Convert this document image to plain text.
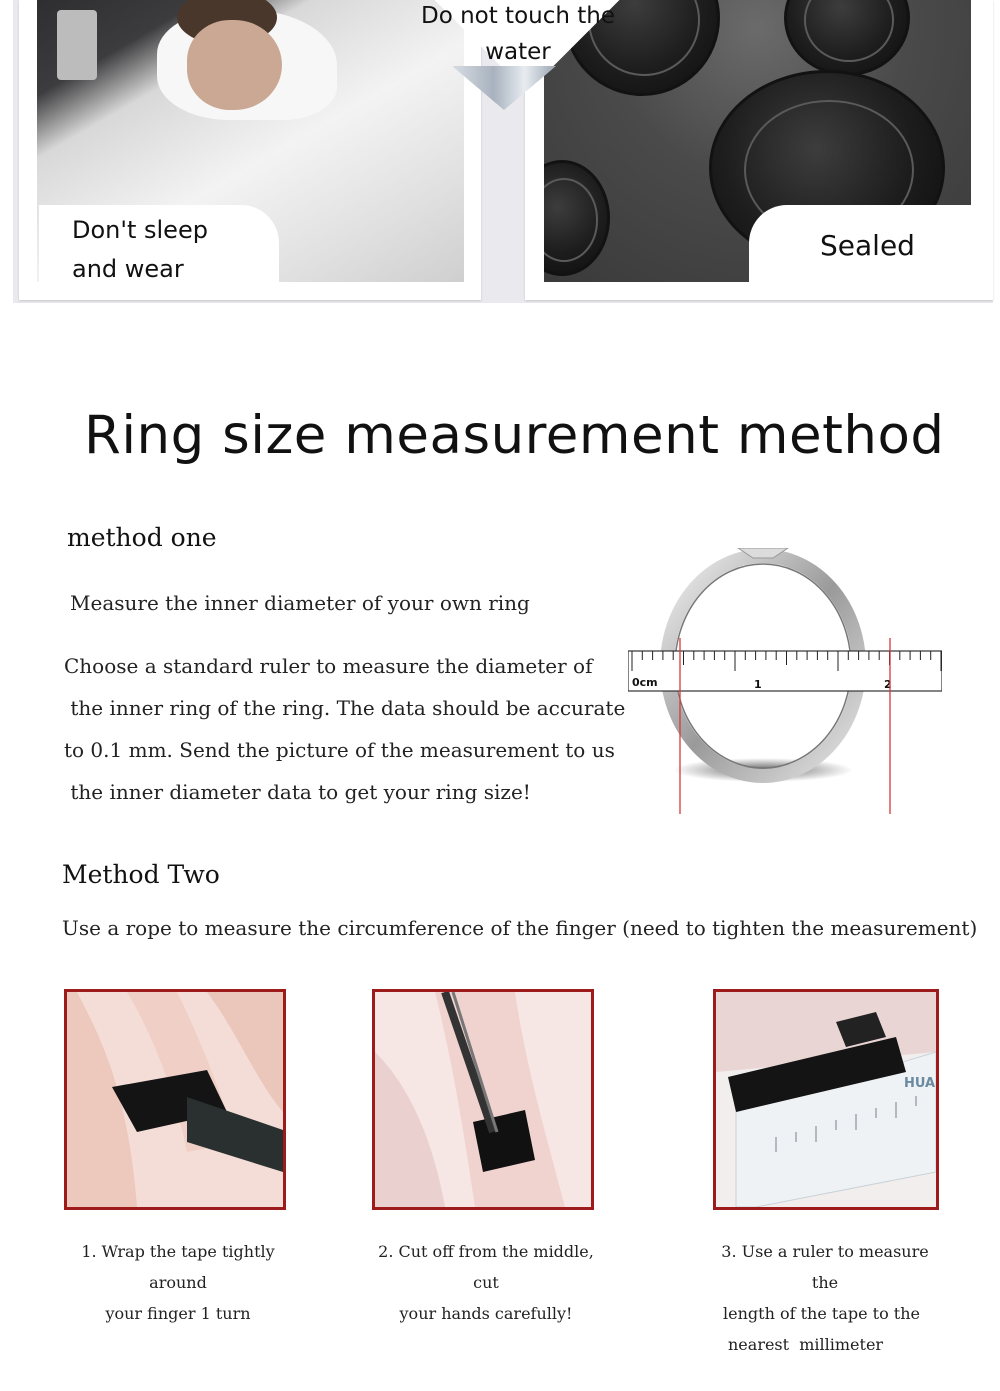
Don't sleep
and wear
Sealed
Do not touch the
water
Ring size measurement method
method one
Measure the inner diameter of your own ring
Choose a standard ruler to measure the diameter of
the inner ring of the ring. The data should be accurate
to 0.1 mm. Send the picture of the measurement to us
the inner diameter data to get your ring size!
0cm	1	2
Method Two
Use a rope to measure the circumference of the finger (need to tighten the measurement)
1. Wrap the tape tightly around
your finger 1 turn
2. Cut off from the middle, cut
your hands carefully!
HUA
3. Use a ruler to measure the
length of the tape to the
nearest  millimeter
